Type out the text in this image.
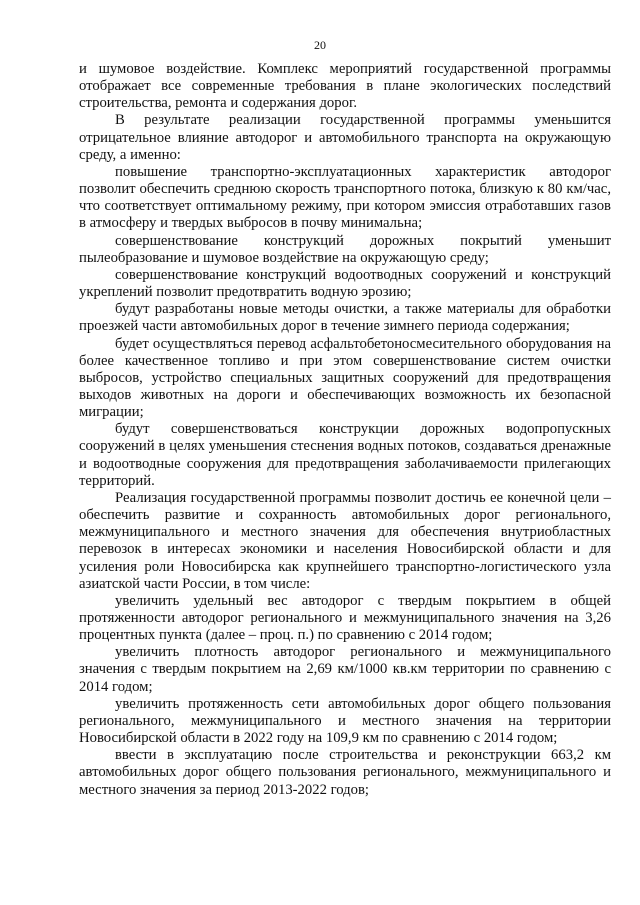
20

и шумовое воздействие. Комплекс мероприятий государственной программы отображает все современные требования в плане экологических последствий строительства, ремонта и содержания дорог.

В результате реализации государственной программы уменьшится отрицательное влияние автодорог и автомобильного транспорта на окружающую среду, а именно:

повышение транспортно-эксплуатационных характеристик автодорог позволит обеспечить среднюю скорость транспортного потока, близкую к 80 км/час, что соответствует оптимальному режиму, при котором эмиссия отработавших газов в атмосферу и твердых выбросов в почву минимальна;

совершенствование конструкций дорожных покрытий уменьшит пылеобразование и шумовое воздействие на окружающую среду;

совершенствование конструкций водоотводных сооружений и конструкций укреплений позволит предотвратить водную эрозию;

будут разработаны новые методы очистки, а также материалы для обработки проезжей части автомобильных дорог в течение зимнего периода содержания;

будет осуществляться перевод асфальтобетоносмесительного оборудования на более качественное топливо и при этом совершенствование систем очистки выбросов, устройство специальных защитных сооружений для предотвращения выходов животных на дороги и обеспечивающих возможность их безопасной миграции;

будут совершенствоваться конструкции дорожных водопропускных сооружений в целях уменьшения стеснения водных потоков, создаваться дренажные и водоотводные сооружения для предотвращения заболачиваемости прилегающих территорий.

Реализация государственной программы позволит достичь ее конечной цели – обеспечить развитие и сохранность автомобильных дорог регионального, межмуниципального и местного значения для обеспечения внутриобластных перевозок в интересах экономики и населения Новосибирской области и для усиления роли Новосибирска как крупнейшего транспортно-логистического узла азиатской части России, в том числе:

увеличить удельный вес автодорог с твердым покрытием в общей протяженности автодорог регионального и межмуниципального значения на 3,26 процентных пункта (далее – проц. п.) по сравнению с 2014 годом;

увеличить плотность автодорог регионального и межмуниципального значения с твердым покрытием на 2,69 км/1000 кв.км территории по сравнению с 2014 годом;

увеличить протяженность сети автомобильных дорог общего пользования регионального, межмуниципального и местного значения на территории Новосибирской области в 2022 году на 109,9 км по сравнению с 2014 годом;

ввести в эксплуатацию после строительства и реконструкции 663,2 км автомобильных дорог общего пользования регионального, межмуниципального и местного значения за период 2013-2022 годов;
